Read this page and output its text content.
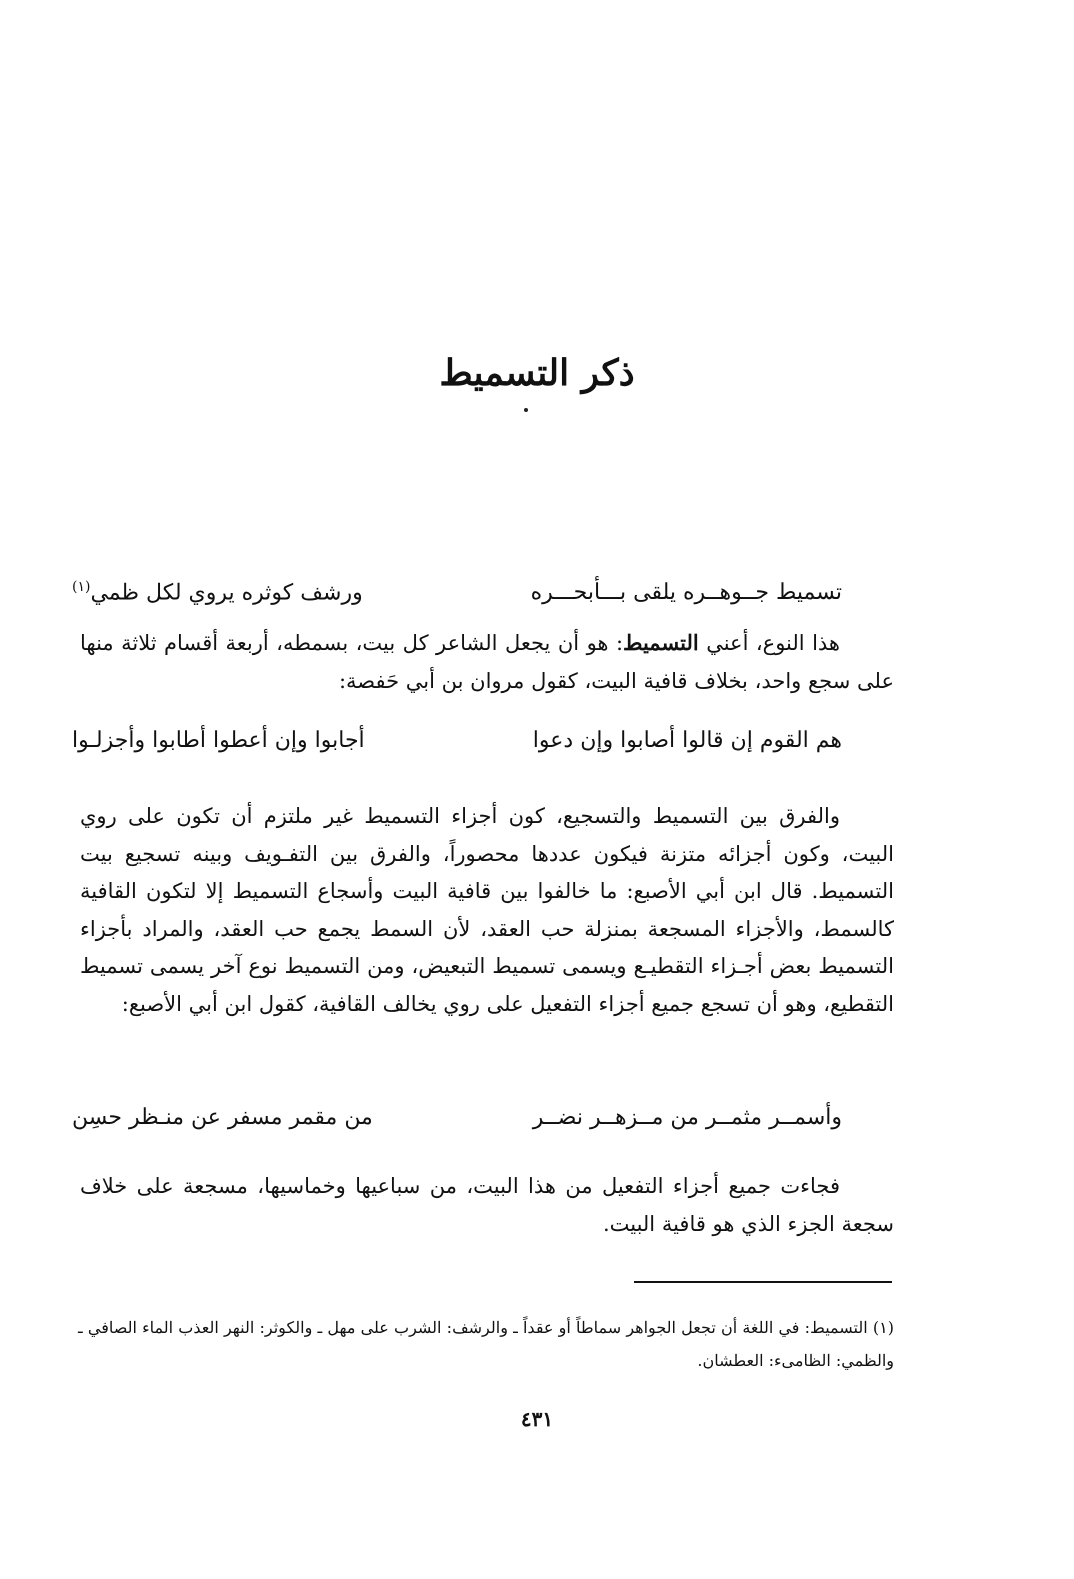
ذكر التسميط
تسميط جــوهــره يلقى بـــأبحـــره
ورشف كوثره يروي لكل ظمي$^{(١)}$
هذا النوع، أعني التسميط: هو أن يجعل الشاعر كل بيت، بسمطه، أربعة أقسام ثلاثة منها على سجع واحد، بخلاف قافية البيت، كقول مروان بن أبي حَفصة:
هم القوم إن قالوا أصابوا وإن دعوا
أجابوا وإن أعطوا أطابوا وأجزلـوا
والفرق بين التسميط والتسجيع، كون أجزاء التسميط غير ملتزم أن تكون على روي البيت، وكون أجزائه متزنة فيكون عددها محصوراً، والفرق بين التفـويف وبينه تسجيع بيت التسميط. قال ابن أبي الأصبع: ما خالفوا بين قافية البيت وأسجاع التسميط إلا لتكون القافية كالسمط، والأجزاء المسجعة بمنزلة حب العقد، لأن السمط يجمع حب العقد، والمراد بأجزاء التسميط بعض أجـزاء التقطيـع ويسمى تسميط التبعيض، ومن التسميط نوع آخر يسمى تسميط التقطيع، وهو أن تسجع جميع أجزاء التفعيل على روي يخالف القافية، كقول ابن أبي الأصبع:
وأسمــر مثمــر من مــزهــر نضــر
من مقمر مسفر عن منـظر حسِن
فجاءت جميع أجزاء التفعيل من هذا البيت، من سباعيها وخماسيها، مسجعة على خلاف سجعة الجزء الذي هو قافية البيت.
(١) التسميط: في اللغة أن تجعل الجواهر سماطاً أو عقداً ـ والرشف: الشرب على مهل ـ والكوثر: النهر العذب الماء الصافي ـ والظمي: الظامىء: العطشان.
٤٣١
